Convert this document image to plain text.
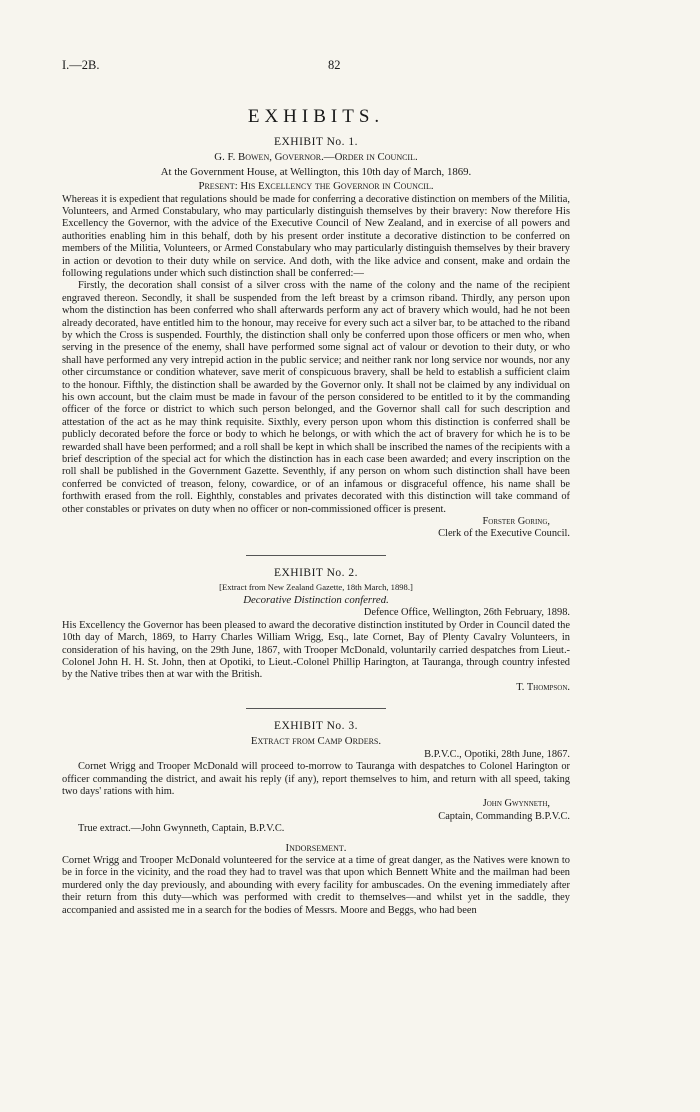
I.—2B.	82
EXHIBITS.
EXHIBIT No. 1.

G. F. Bowen, Governor.—Order in Council.

At the Government House, at Wellington, this 10th day of March, 1869.

Present: His Excellency the Governor in Council.

Whereas it is expedient that regulations should be made for conferring a decorative distinction on members of the Militia, Volunteers, and Armed Constabulary, who may particularly distinguish themselves by their bravery: Now therefore His Excellency the Governor, with the advice of the Executive Council of New Zealand, and in exercise of all powers and authorities enabling him in this behalf, doth by his present order institute a decorative distinction to be conferred on members of the Militia, Volunteers, or Armed Constabulary who may particularly distinguish themselves by their bravery in action or devotion to their duty while on service. And doth, with the like advice and consent, make and ordain the following regulations under which such distinction shall be conferred:—

Firstly, the decoration shall consist of a silver cross with the name of the colony and the name of the recipient engraved thereon. Secondly, it shall be suspended from the left breast by a crimson riband. Thirdly, any person upon whom the distinction has been conferred who shall afterwards perform any act of bravery which would, had he not been already decorated, have entitled him to the honour, may receive for every such act a silver bar, to be attached to the riband by which the Cross is suspended. Fourthly, the distinction shall only be conferred upon those officers or men who, when serving in the presence of the enemy, shall have performed some signal act of valour or devotion to their duty, or who shall have performed any very intrepid action in the public service; and neither rank nor long service nor wounds, nor any other circumstance or condition whatever, save merit of conspicuous bravery, shall be held to establish a sufficient claim to the honour. Fifthly, the distinction shall be awarded by the Governor only. It shall not be claimed by any individual on his own account, but the claim must be made in favour of the person considered to be entitled to it by the commanding officer of the force or district to which such person belonged, and the Governor shall call for such description and attestation of the act as he may think requisite. Sixthly, every person upon whom this distinction is conferred shall be publicly decorated before the force or body to which he belongs, or with which the act of bravery for which he is to be rewarded shall have been performed; and a roll shall be kept in which shall be inscribed the names of the recipients with a brief description of the special act for which the distinction has in each case been awarded; and every inscription on the roll shall be published in the Government Gazette. Seventhly, if any person on whom such distinction shall have been conferred be convicted of treason, felony, cowardice, or of an infamous or disgraceful offence, his name shall be forthwith erased from the roll. Eighthly, constables and privates decorated with this distinction will take command of other constables or privates on duty when no officer or non-commissioned officer is present.

Forster Goring,

Clerk of the Executive Council.

EXHIBIT No. 2.

[Extract from New Zealand Gazette, 18th March, 1898.]

Decorative Distinction conferred.

Defence Office, Wellington, 26th February, 1898.

His Excellency the Governor has been pleased to award the decorative distinction instituted by Order in Council dated the 10th day of March, 1869, to Harry Charles William Wrigg, Esq., late Cornet, Bay of Plenty Cavalry Volunteers, in consideration of his having, on the 29th June, 1867, with Trooper McDonald, voluntarily carried despatches from Lieut.-Colonel John H. H. St. John, then at Opotiki, to Lieut.-Colonel Phillip Harington, at Tauranga, through country infested by the Native tribes then at war with the British.

T. Thompson.

EXHIBIT No. 3.

Extract from Camp Orders.

B.P.V.C., Opotiki, 28th June, 1867.

Cornet Wrigg and Trooper McDonald will proceed to-morrow to Tauranga with despatches to Colonel Harington or officer commanding the district, and await his reply (if any), report themselves to him, and return with all speed, taking two days' rations with him.

John Gwynneth,

Captain, Commanding B.P.V.C.

True extract.—John Gwynneth, Captain, B.P.V.C.

Indorsement.

Cornet Wrigg and Trooper McDonald volunteered for the service at a time of great danger, as the Natives were known to be in force in the vicinity, and the road they had to travel was that upon which Bennett White and the mailman had been murdered only the day previously, and abounding with every facility for ambuscades. On the evening immediately after their return from this duty—which was performed with credit to themselves—and whilst yet in the saddle, they accompanied and assisted me in a search for the bodies of Messrs. Moore and Beggs, who had been
